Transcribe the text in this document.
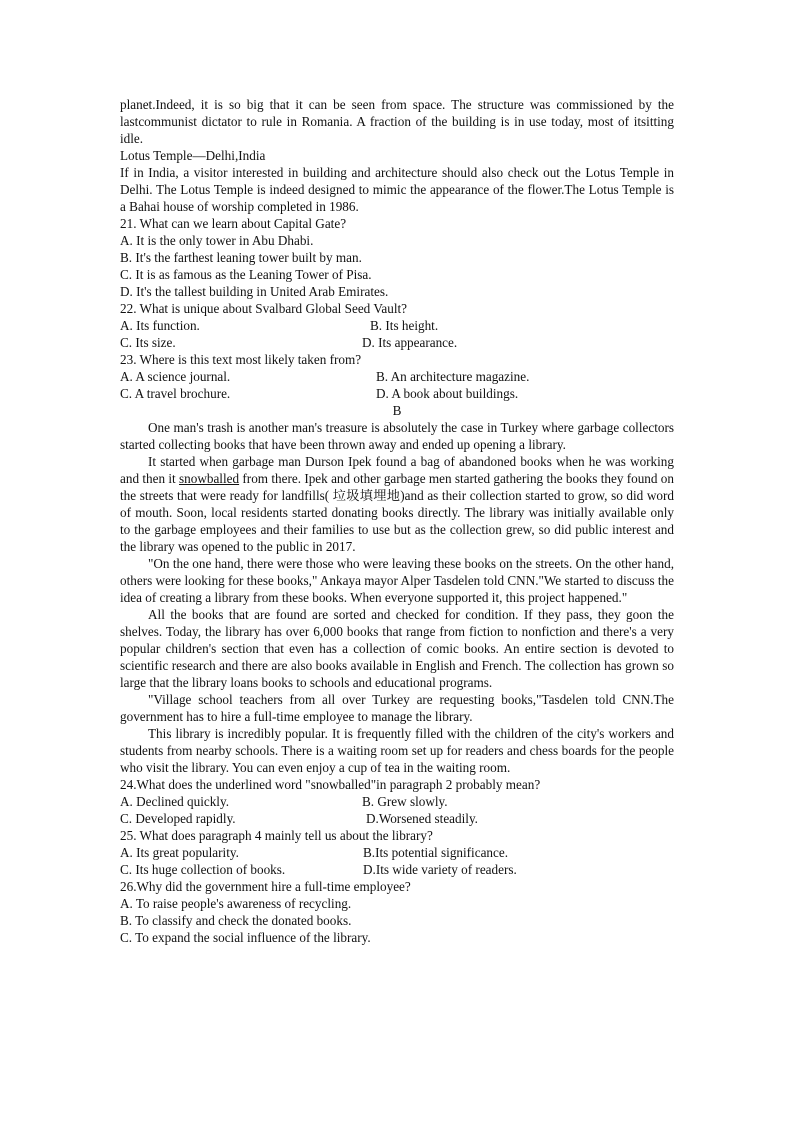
planet.Indeed, it is so big that it can be seen from space. The structure was commissioned by the lastcommunist dictator to rule in Romania. A fraction of the building is in use today, most of itsitting idle.

Lotus Temple—Delhi,India

If in India, a visitor interested in building and architecture should also check out the Lotus Temple in Delhi. The Lotus Temple is indeed designed to mimic the appearance of the flower.The Lotus Temple is a Bahai house of worship completed in 1986.

21. What can we learn about Capital Gate?

A. It is the only tower in Abu Dhabi.

B. It's the farthest leaning tower built by man.

C. It is as famous as the Leaning Tower of Pisa.

D. It's the tallest building in United Arab Emirates.

22. What is unique about Svalbard Global Seed Vault?

A. Its function.	B. Its height.
C. Its size.	D. Its appearance.

23. Where is this text most likely taken from?

A. A science journal.	B. An architecture magazine.
C. A travel brochure.	D. A book about buildings.

B

One man's trash is another man's treasure is absolutely the case in Turkey where garbage collectors started collecting books that have been thrown away and ended up opening a library.

It started when garbage man Durson Ipek found a bag of abandoned books when he was working and then it snowballed from there. Ipek and other garbage men started gathering the books they found on the streets that were ready for landfills( 垃圾填埋地)and as their collection started to grow, so did word of mouth. Soon, local residents started donating books directly. The library was initially available only to the garbage employees and their families to use but as the collection grew, so did public interest and the library was opened to the public in 2017.

"On the one hand, there were those who were leaving these books on the streets. On the other hand, others were looking for these books," Ankaya mayor Alper Tasdelen told CNN."We started to discuss the idea of creating a library from these books. When everyone supported it, this project happened."

All the books that are found are sorted and checked for condition. If they pass, they goon the shelves. Today, the library has over 6,000 books that range from fiction to nonfiction and there's a very popular children's section that even has a collection of comic books. An entire section is devoted to scientific research and there are also books available in English and French. The collection has grown so large that the library loans books to schools and educational programs.

"Village school teachers from all over Turkey are requesting books,"Tasdelen told CNN.The government has to hire a full-time employee to manage the library.

This library is incredibly popular. It is frequently filled with the children of the city's workers and students from nearby schools. There is a waiting room set up for readers and chess boards for the people who visit the library. You can even enjoy a cup of tea in the waiting room.

24.What does the underlined word "snowballed"in paragraph 2 probably mean?

A. Declined quickly.	B. Grew slowly.
C. Developed rapidly.	D.Worsened steadily.

25. What does paragraph 4 mainly tell us about the library?

A. Its great popularity.	B.Its potential significance.
C. Its huge collection of books.	D.Its wide variety of readers.

26.Why did the government hire a full-time employee?

A. To raise people's awareness of recycling.

B. To classify and check the donated books.

C. To expand the social influence of the library.
